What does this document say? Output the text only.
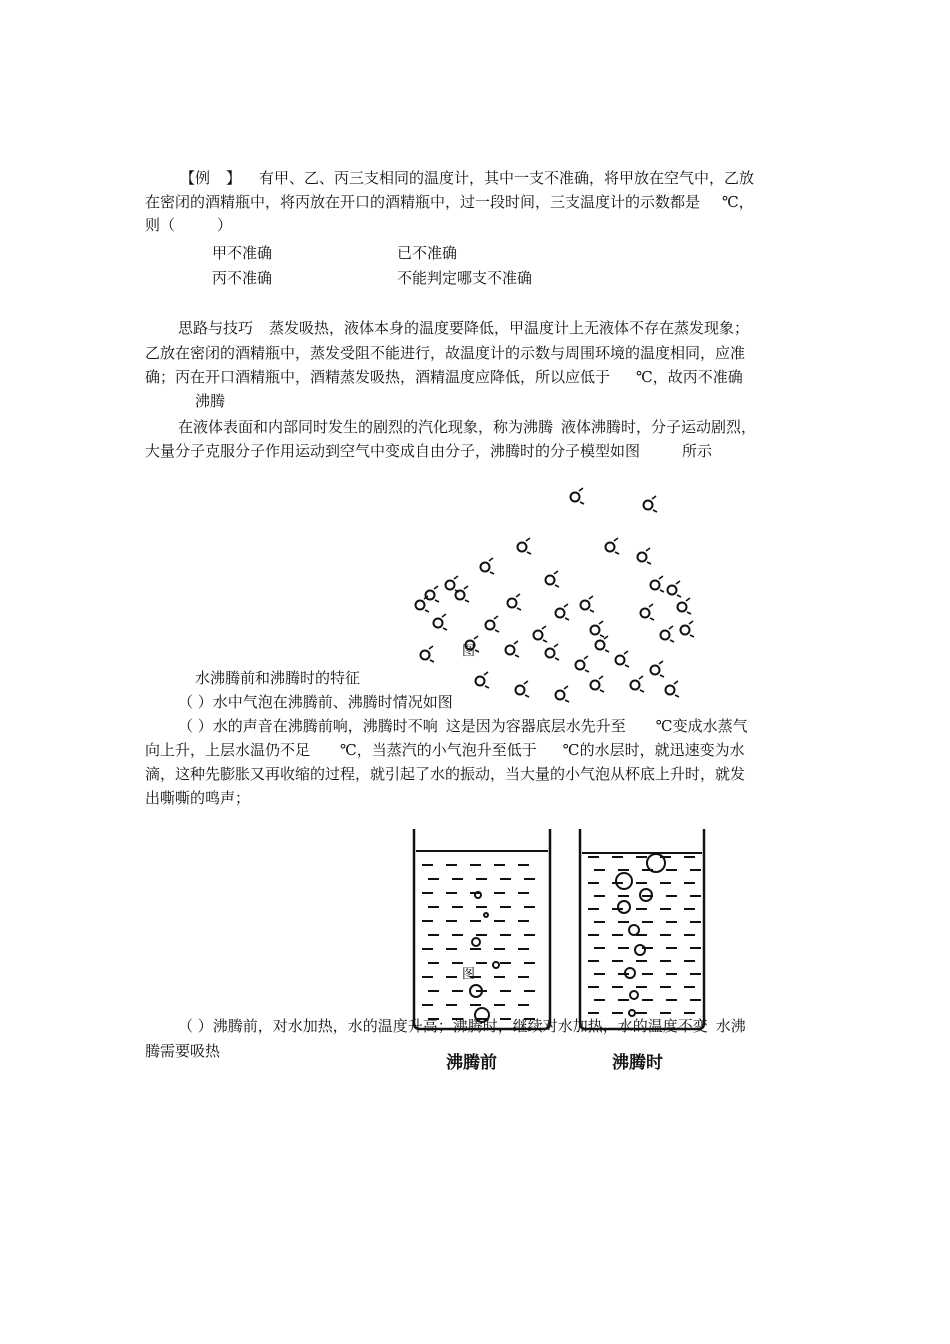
【例 】 有甲、乙、丙三支相同的温度计，其中一支不准确，将甲放在空气中，乙放
在密闭的酒精瓶中，将丙放在开口的酒精瓶中，过一段时间，三支温度计的示数都是 ℃，
则（	）
甲不准确	已不准确
丙不准确	不能判定哪支不准确
思路与技巧 蒸发吸热，液体本身的温度要降低，甲温度计上无液体不存在蒸发现象；
乙放在密闭的酒精瓶中，蒸发受阻不能进行，故温度计的示数与周围环境的温度相同，应准
确；丙在开口酒精瓶中，酒精蒸发吸热，酒精温度应降低，所以应低于 ℃，故丙不准确
沸腾
在液体表面和内部同时发生的剧烈的汽化现象，称为沸腾 液体沸腾时，分子运动剧烈，
大量分子克服分子作用运动到空气中变成自由分子，沸腾时的分子模型如图	所示
图
水沸腾前和沸腾时的特征
（ ）水中气泡在沸腾前、沸腾时情况如图
（ ）水的声音在沸腾前响，沸腾时不响 这是因为容器底层水先升至 ℃变成水蒸气
向上升，上层水温仍不足 ℃，当蒸汽的小气泡升至低于 ℃的水层时，就迅速变为水
滴，这种先膨胀又再收缩的过程，就引起了水的振动，当大量的小气泡从杯底上升时，就发
出嘶嘶的鸣声；
图
沸腾前	沸腾时
（ ）沸腾前，对水加热，水的温度升高；沸腾时，继续对水加热，水的温度不变 水沸
腾需要吸热
